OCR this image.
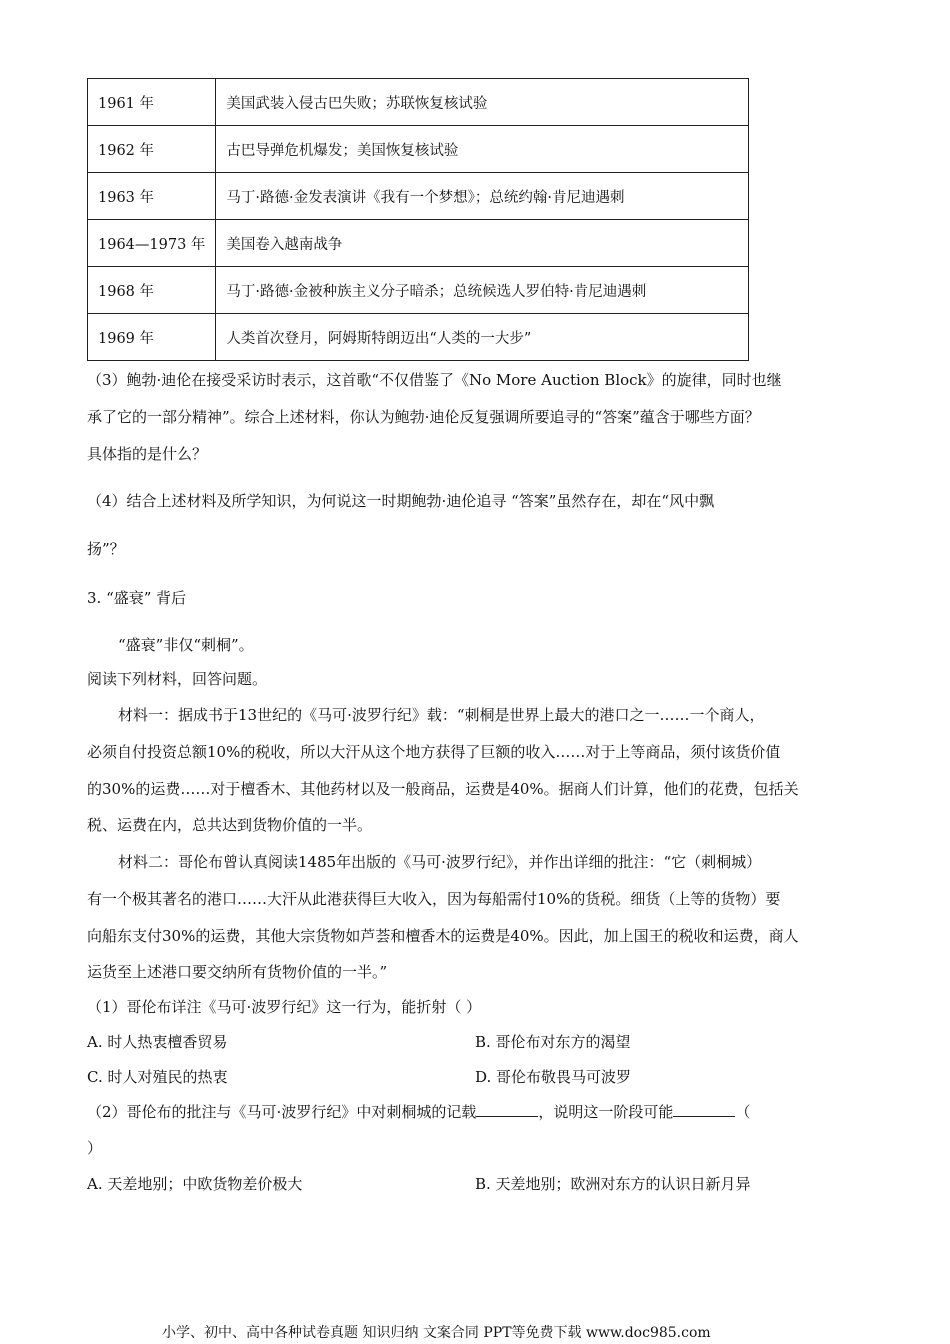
1961 年	美国武装入侵古巴失败；苏联恢复核试验
1962 年	古巴导弹危机爆发；美国恢复核试验
1963 年	马丁·路德·金发表演讲《我有一个梦想》；总统约翰·肯尼迪遇刺
1964—1973 年	美国卷入越南战争
1968 年	马丁·路德·金被种族主义分子暗杀；总统候选人罗伯特·肯尼迪遇刺
1969 年	人类首次登月，阿姆斯特朗迈出“人类的一大步”
（3）鲍勃·迪伦在接受采访时表示，这首歌“不仅借鉴了《No More Auction Block》的旋律，同时也继
承了它的一部分精神”。综合上述材料，你认为鲍勃·迪伦反复强调所要追寻的“答案”蕴含于哪些方面？
具体指的是什么？
（4）结合上述材料及所学知识，为何说这一时期鲍勃·迪伦追寻 “答案”虽然存在，却在“风中飘
扬”？
3. “盛衰” 背后
“盛衰”非仅“刺桐”。
阅读下列材料，回答问题。
材料一：据成书于13世纪的《马可·波罗行纪》载：“刺桐是世界上最大的港口之一……一个商人，
必须自付投资总额10%的税收，所以大汗从这个地方获得了巨额的收入……对于上等商品，须付该货价值
的30%的运费……对于檀香木、其他药材以及一般商品，运费是40%。据商人们计算，他们的花费，包括关
税、运费在内，总共达到货物价值的一半。
材料二：哥伦布曾认真阅读1485年出版的《马可·波罗行纪》，并作出详细的批注：“它（刺桐城）
有一个极其著名的港口……大汗从此港获得巨大收入，因为每船需付10%的货税。细货（上等的货物）要
向船东支付30%的运费，其他大宗货物如芦荟和檀香木的运费是40%。因此，加上国王的税收和运费，商人
运货至上述港口要交纳所有货物价值的一半。”
（1）哥伦布详注《马可·波罗行纪》这一行为，能折射（ ）
A. 时人热衷檀香贸易	B. 哥伦布对东方的渴望
C. 时人对殖民的热衷	D. 哥伦布敬畏马可波罗
（2）哥伦布的批注与《马可·波罗行纪》中对刺桐城的记载	，说明这一阶段可能	（
）
A. 天差地别；中欧货物差价极大	B. 天差地别；欧洲对东方的认识日新月异
小学、初中、高中各种试卷真题 知识归纳 文案合同 PPT等免费下载 www.doc985.com
